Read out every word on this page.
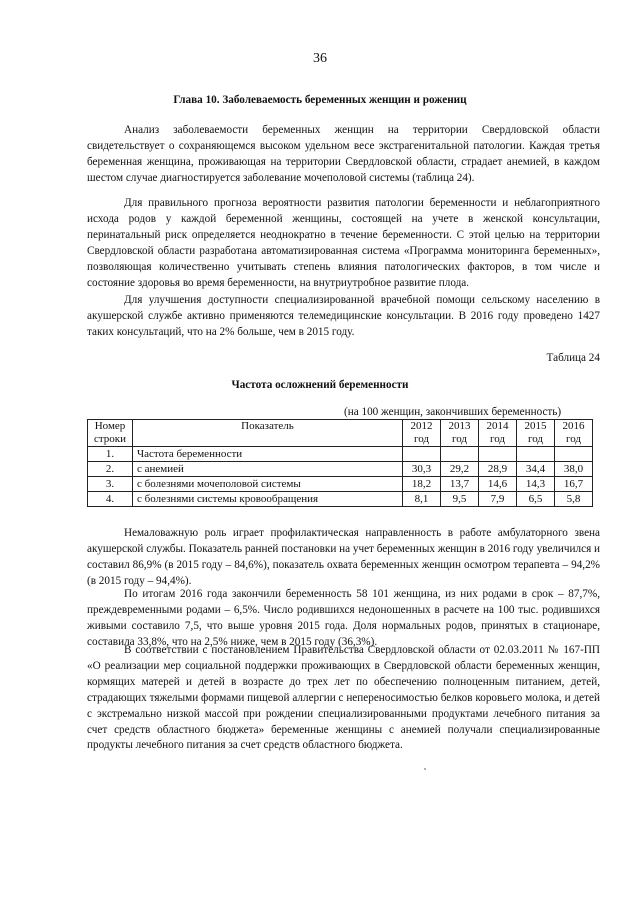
36
Глава 10. Заболеваемость беременных женщин и рожениц

Анализ заболеваемости беременных женщин на территории Свердловской области свидетельствует о сохраняющемся высоком удельном весе экстрагенитальной патологии. Каждая третья беременная женщина, проживающая на территории Свердловской области, страдает анемией, в каждом шестом случае диагностируется заболевание мочеполовой системы (таблица 24).

Для правильного прогноза вероятности развития патологии беременности и неблагоприятного исхода родов у каждой беременной женщины, состоящей на учете в женской консультации, перинатальный риск определяется неоднократно в течение беременности. С этой целью на территории Свердловской области разработана автоматизированная система «Программа мониторинга беременных», позволяющая количественно учитывать степень влияния патологических факторов, в том числе и состояние здоровья во время беременности, на внутриутробное развитие плода.

Для улучшения доступности специализированной врачебной помощи сельскому населению в акушерской службе активно применяются телемедицинские консультации. В 2016 году проведено 1427 таких консультаций, что на 2% больше, чем в 2015 году.

Таблица 24
Частота осложнений беременности
(на 100 женщин, закончивших беременность)
Номер строки	Показатель	2012 год	2013 год	2014 год	2015 год	2016 год
1.	Частота беременности					
2.	с анемией	30,3	29,2	28,9	34,4	38,0
3.	с болезнями мочеполовой системы	18,2	13,7	14,6	14,3	16,7
4.	с болезнями системы кровообращения	8,1	9,5	7,9	6,5	5,8

Немаловажную роль играет профилактическая направленность в работе амбулаторного звена акушерской службы. Показатель ранней постановки на учет беременных женщин в 2016 году увеличился и составил 86,9% (в 2015 году – 84,6%), показатель охвата беременных женщин осмотром терапевта – 94,2% (в 2015 году – 94,4%).

По итогам 2016 года закончили беременность 58 101 женщина, из них родами в срок – 87,7%, преждевременными родами – 6,5%. Число родившихся недоношенных в расчете на 100 тыс. родившихся живыми составило 7,5, что выше уровня 2015 года. Доля нормальных родов, принятых в стационаре, составила 33,8%, что на 2,5% ниже, чем в 2015 году (36,3%).

В соответствии с постановлением Правительства Свердловской области от 02.03.2011 № 167-ПП «О реализации мер социальной поддержки проживающих в Свердловской области беременных женщин, кормящих матерей и детей в возрасте до трех лет по обеспечению полноценным питанием, детей, страдающих тяжелыми формами пищевой аллергии с непереносимостью белков коровьего молока, и детей с экстремально низкой массой при рождении специализированными продуктами лечебного питания за счет средств областного бюджета» беременные женщины с анемией получали специализированные продукты лечебного питания за счет средств областного бюджета.
